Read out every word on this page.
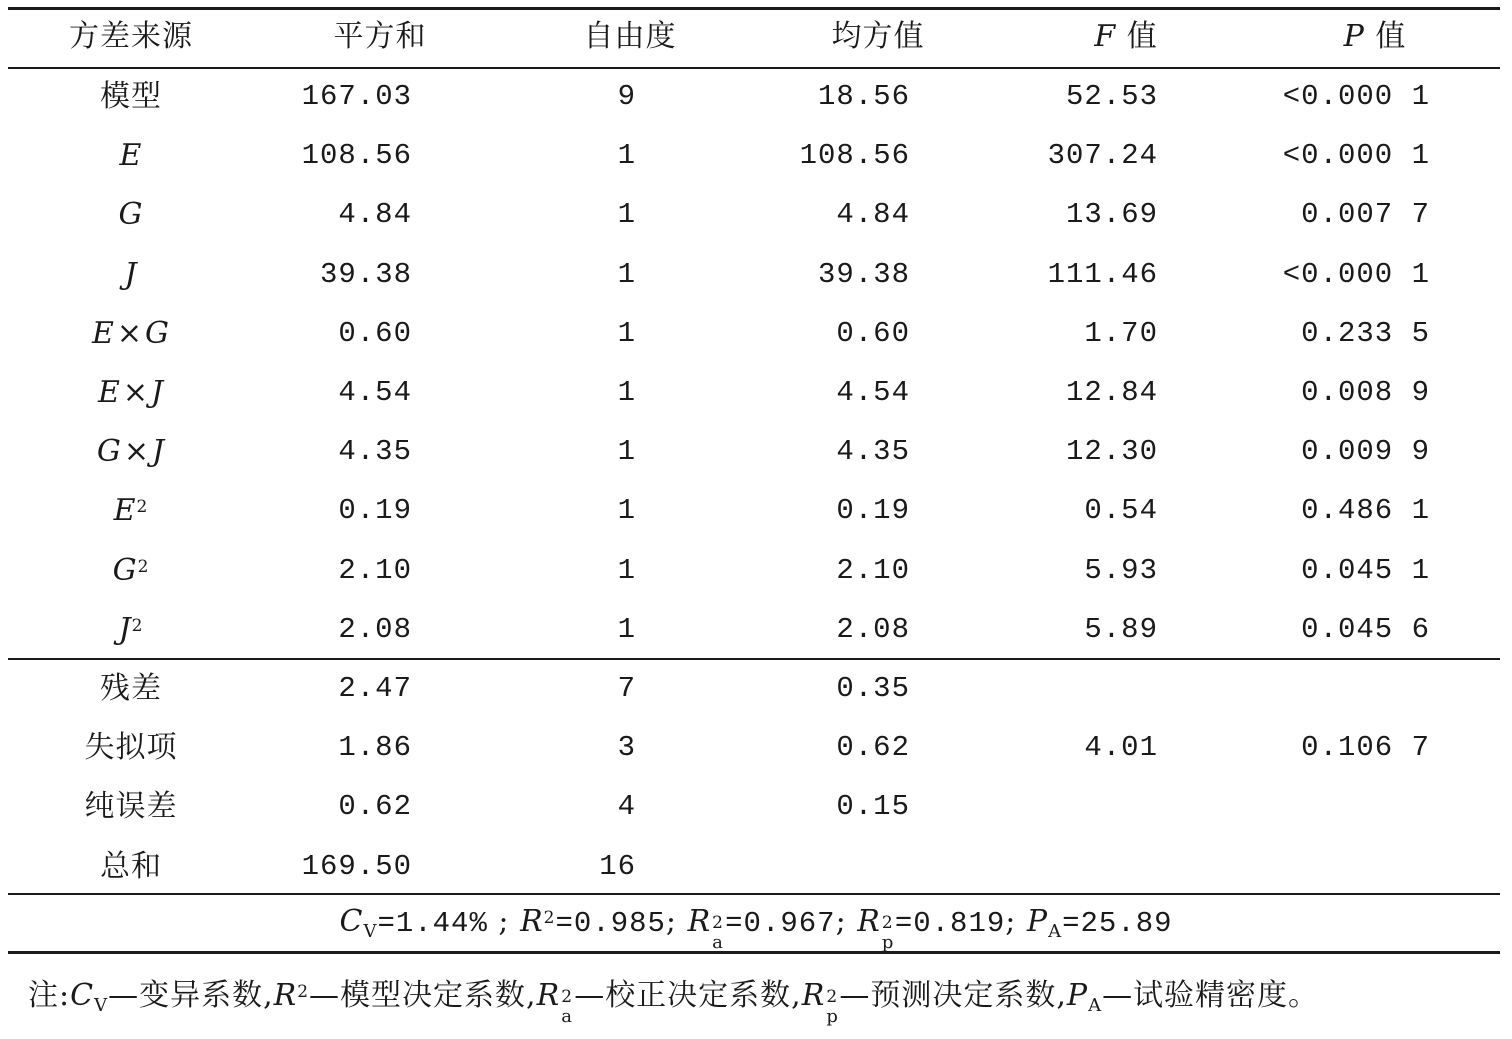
方差来源	平方和	自由度	均方值	F 值	P 值
模型	167.03	9	18.56	52.53	<0.000 1
E	108.56	1	108.56	307.24	<0.000 1
G	4.84	1	4.84	13.69	0.007 7
J	39.38	1	39.38	111.46	<0.000 1
E×G	0.60	1	0.60	1.70	0.233 5
E×J	4.54	1	4.54	12.84	0.008 9
G×J	4.35	1	4.35	12.30	0.009 9
$E^2$	0.19	1	0.19	0.54	0.486 1
$G^2$	2.10	1	2.10	5.93	0.045 1
$J^2$	2.08	1	2.08	5.89	0.045 6
残差	2.47	7	0.35
失拟项	1.86	3	0.62	4.01	0.106 7
纯误差	0.62	4	0.15
总和	169.50	16
$C_V=1.44\%$ ; $R^2=0.985$; R 2
a
=0.967; R 2
p
=0.819; $P_A=25.89$
注$:C_V—$变异系数$,R^2—$模型决定系数,R 2
a
—校正决定系数,R 2
p
—预测决定系数$,P_A—$试验精密度。
